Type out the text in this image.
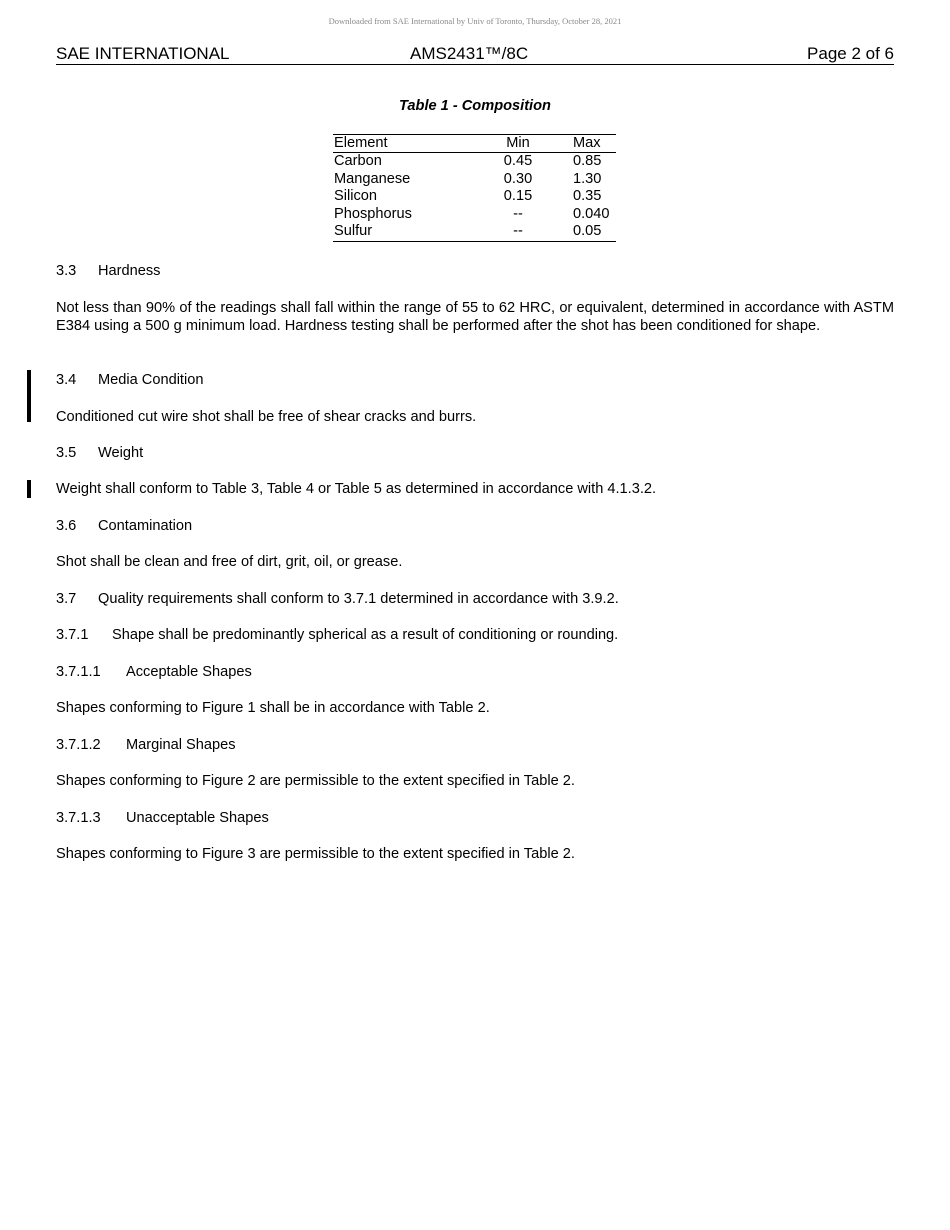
Downloaded from SAE International by Univ of Toronto, Thursday, October 28, 2021
SAE INTERNATIONAL	AMS2431™/8C	Page 2 of 6
Table 1 - Composition
Element	Min	Max
Carbon	0.45	0.85
Manganese	0.30	1.30
Silicon	0.15	0.35
Phosphorus	--	0.040
Sulfur	--	0.05

3.3 Hardness

Not less than 90% of the readings shall fall within the range of 55 to 62 HRC, or equivalent, determined in accordance with ASTM E384 using a 500 g minimum load. Hardness testing shall be performed after the shot has been conditioned for shape.

3.4 Media Condition

Conditioned cut wire shot shall be free of shear cracks and burrs.

3.5 Weight

Weight shall conform to Table 3, Table 4 or Table 5 as determined in accordance with 4.1.3.2.

3.6 Contamination

Shot shall be clean and free of dirt, grit, oil, or grease.

3.7 Quality requirements shall conform to 3.7.1 determined in accordance with 3.9.2.

3.7.1 Shape shall be predominantly spherical as a result of conditioning or rounding.

3.7.1.1 Acceptable Shapes

Shapes conforming to Figure 1 shall be in accordance with Table 2.

3.7.1.2 Marginal Shapes

Shapes conforming to Figure 2 are permissible to the extent specified in Table 2.

3.7.1.3 Unacceptable Shapes

Shapes conforming to Figure 3 are permissible to the extent specified in Table 2.
